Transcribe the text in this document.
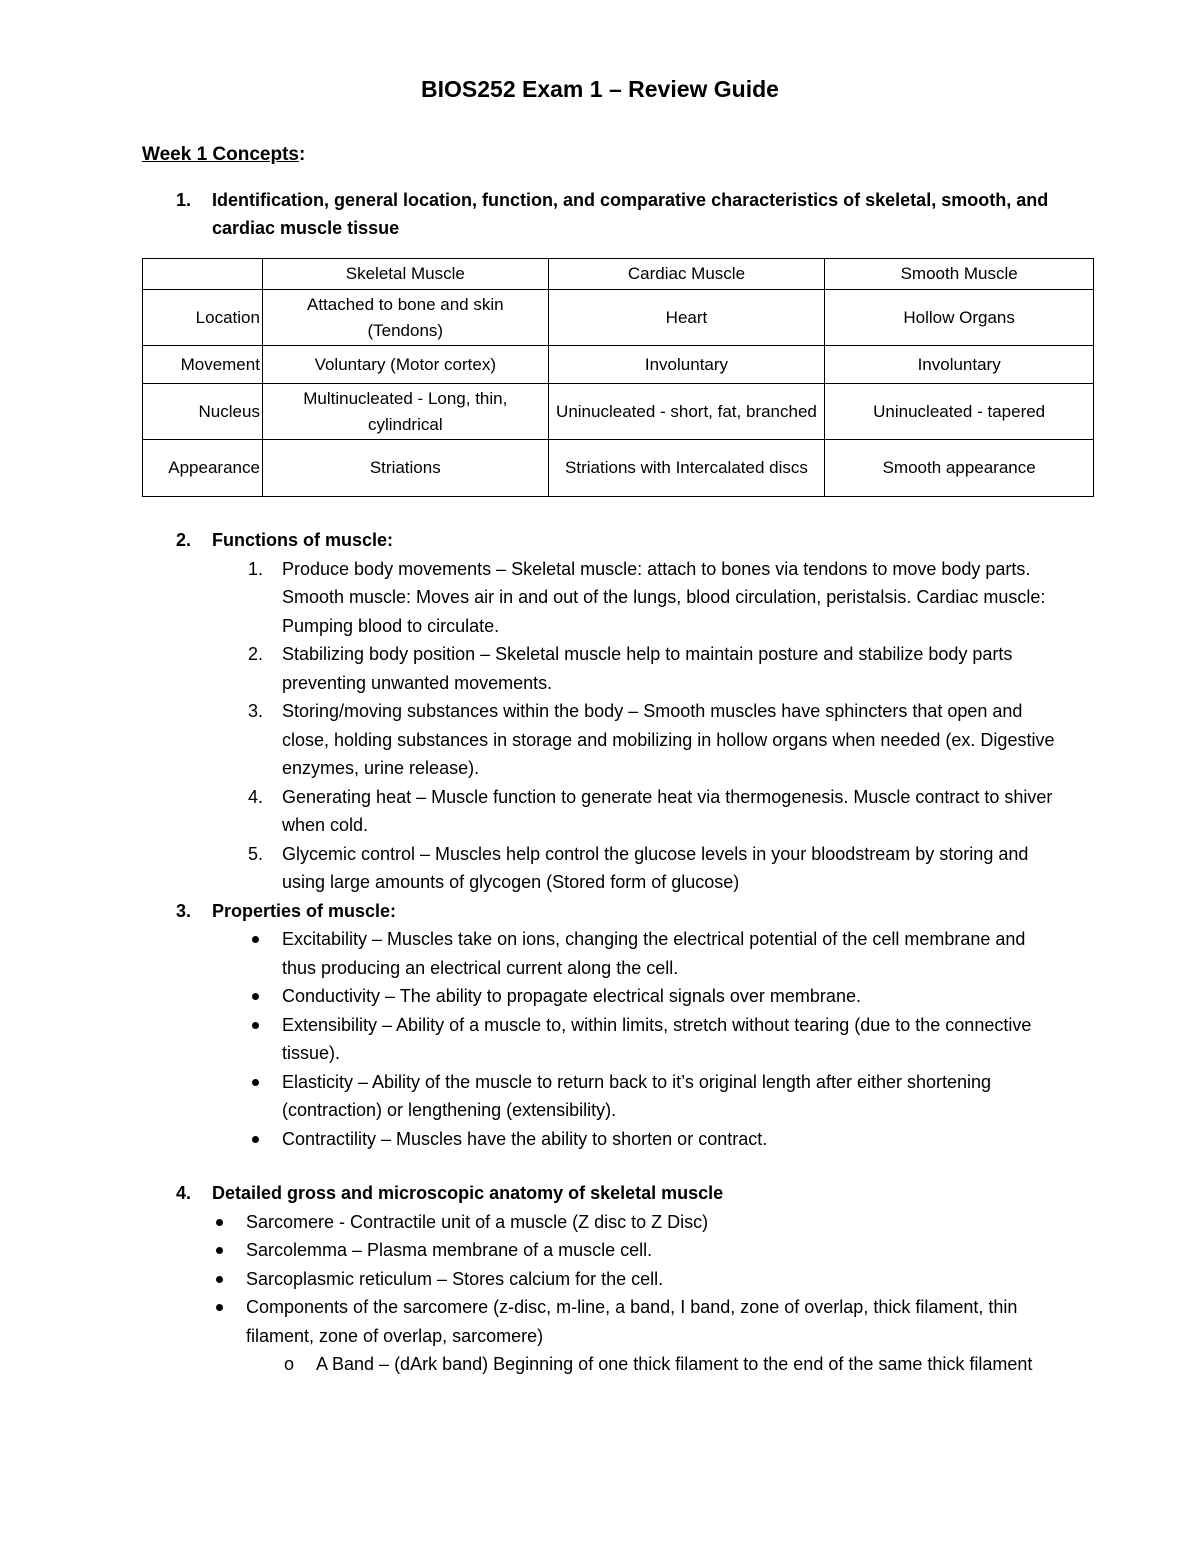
BIOS252 Exam 1 – Review Guide
Week 1 Concepts:
1.	Identification, general location, function, and comparative characteristics of skeletal, smooth, and cardiac muscle tissue
	Skeletal Muscle	Cardiac Muscle	Smooth Muscle
Location	Attached to bone and skin (Tendons)	Heart	Hollow Organs
Movement	Voluntary (Motor cortex)	Involuntary	Involuntary
Nucleus	Multinucleated - Long, thin, cylindrical	Uninucleated - short, fat, branched	Uninucleated - tapered
Appearance	Striations	Striations with Intercalated discs	Smooth appearance
2. Functions of muscle:
1.	Produce body movements – Skeletal muscle: attach to bones via tendons to move body parts. Smooth muscle: Moves air in and out of the lungs, blood circulation, peristalsis. Cardiac muscle: Pumping blood to circulate.
2.	Stabilizing body position – Skeletal muscle help to maintain posture and stabilize body parts preventing unwanted movements.
3.	Storing/moving substances within the body – Smooth muscles have sphincters that open and close, holding substances in storage and mobilizing in hollow organs when needed (ex. Digestive enzymes, urine release).
4.	Generating heat – Muscle function to generate heat via thermogenesis. Muscle contract to shiver when cold.
5.	Glycemic control – Muscles help control the glucose levels in your bloodstream by storing and using large amounts of glycogen (Stored form of glucose)
3. Properties of muscle:
Excitability – Muscles take on ions, changing the electrical potential of the cell membrane and thus producing an electrical current along the cell.
Conductivity – The ability to propagate electrical signals over membrane.
Extensibility – Ability of a muscle to, within limits, stretch without tearing (due to the connective tissue).
Elasticity – Ability of the muscle to return back to it’s original length after either shortening (contraction) or lengthening (extensibility).
Contractility – Muscles have the ability to shorten or contract.
4. Detailed gross and microscopic anatomy of skeletal muscle
Sarcomere - Contractile unit of a muscle (Z disc to Z Disc)
Sarcolemma – Plasma membrane of a muscle cell.
Sarcoplasmic reticulum – Stores calcium for the cell.
Components of the sarcomere (z-disc, m-line, a band, I band, zone of overlap, thick filament, thin filament, zone of overlap, sarcomere)
o A Band – (dArk band) Beginning of one thick filament to the end of the same thick filament
